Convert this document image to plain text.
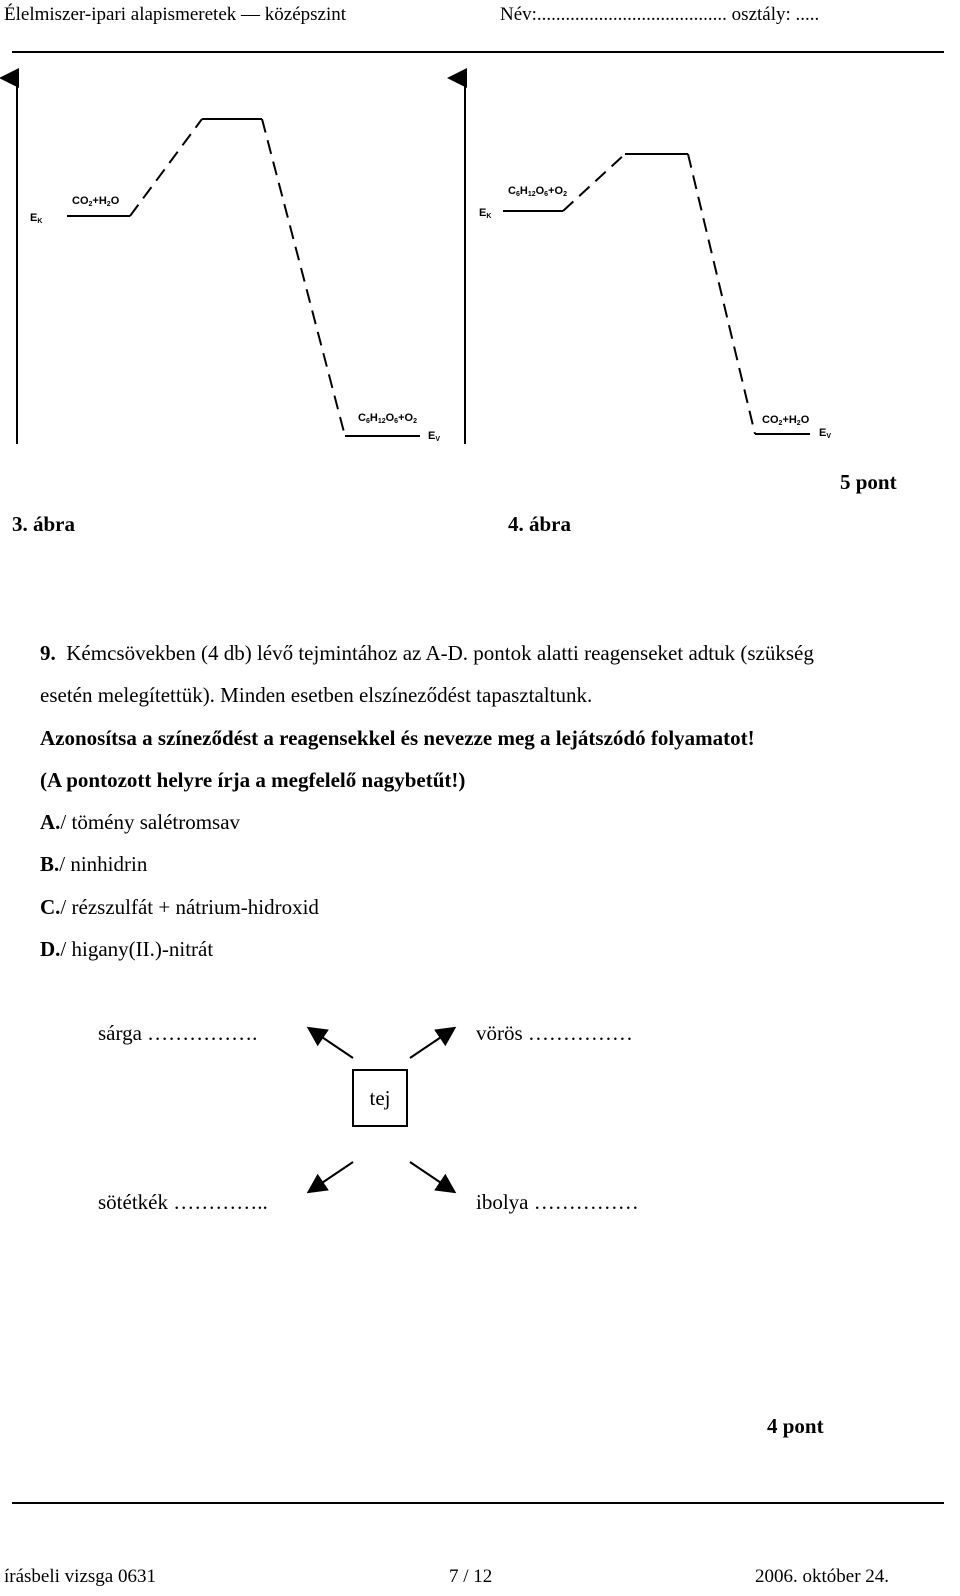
Élelmiszer-ipari alapismeretek — középszint	Név:........................................ osztály: .....
$E_K$
$CO_2+H_2O$
$C_6H_{12}O_6+O_2$
$E_V$
$E_K$
$C_6H_{12}O_6+O_2$
$CO_2+H_2O$
$E_V$
5 pont
3. ábra	4. ábra
9. Kémcsövekben (4 db) lévő tejmintához az A-D. pontok alatti reagenseket adtuk (szükség
esetén melegítettük). Minden esetben elszíneződést tapasztaltunk.
Azonosítsa a színeződést a reagensekkel és nevezze meg a lejátszódó folyamatot!
(A pontozott helyre írja a megfelelő nagybetűt!)
A./ tömény salétromsav
B./ ninhidrin
C./ rézszulfát + nátrium-hidroxid
D./ higany(II.)-nitrát
sárga …………….	vörös ……………
tej
sötétkék …………..	ibolya ……………
4 pont
írásbeli vizsga 0631	7 / 12	2006. október 24.
